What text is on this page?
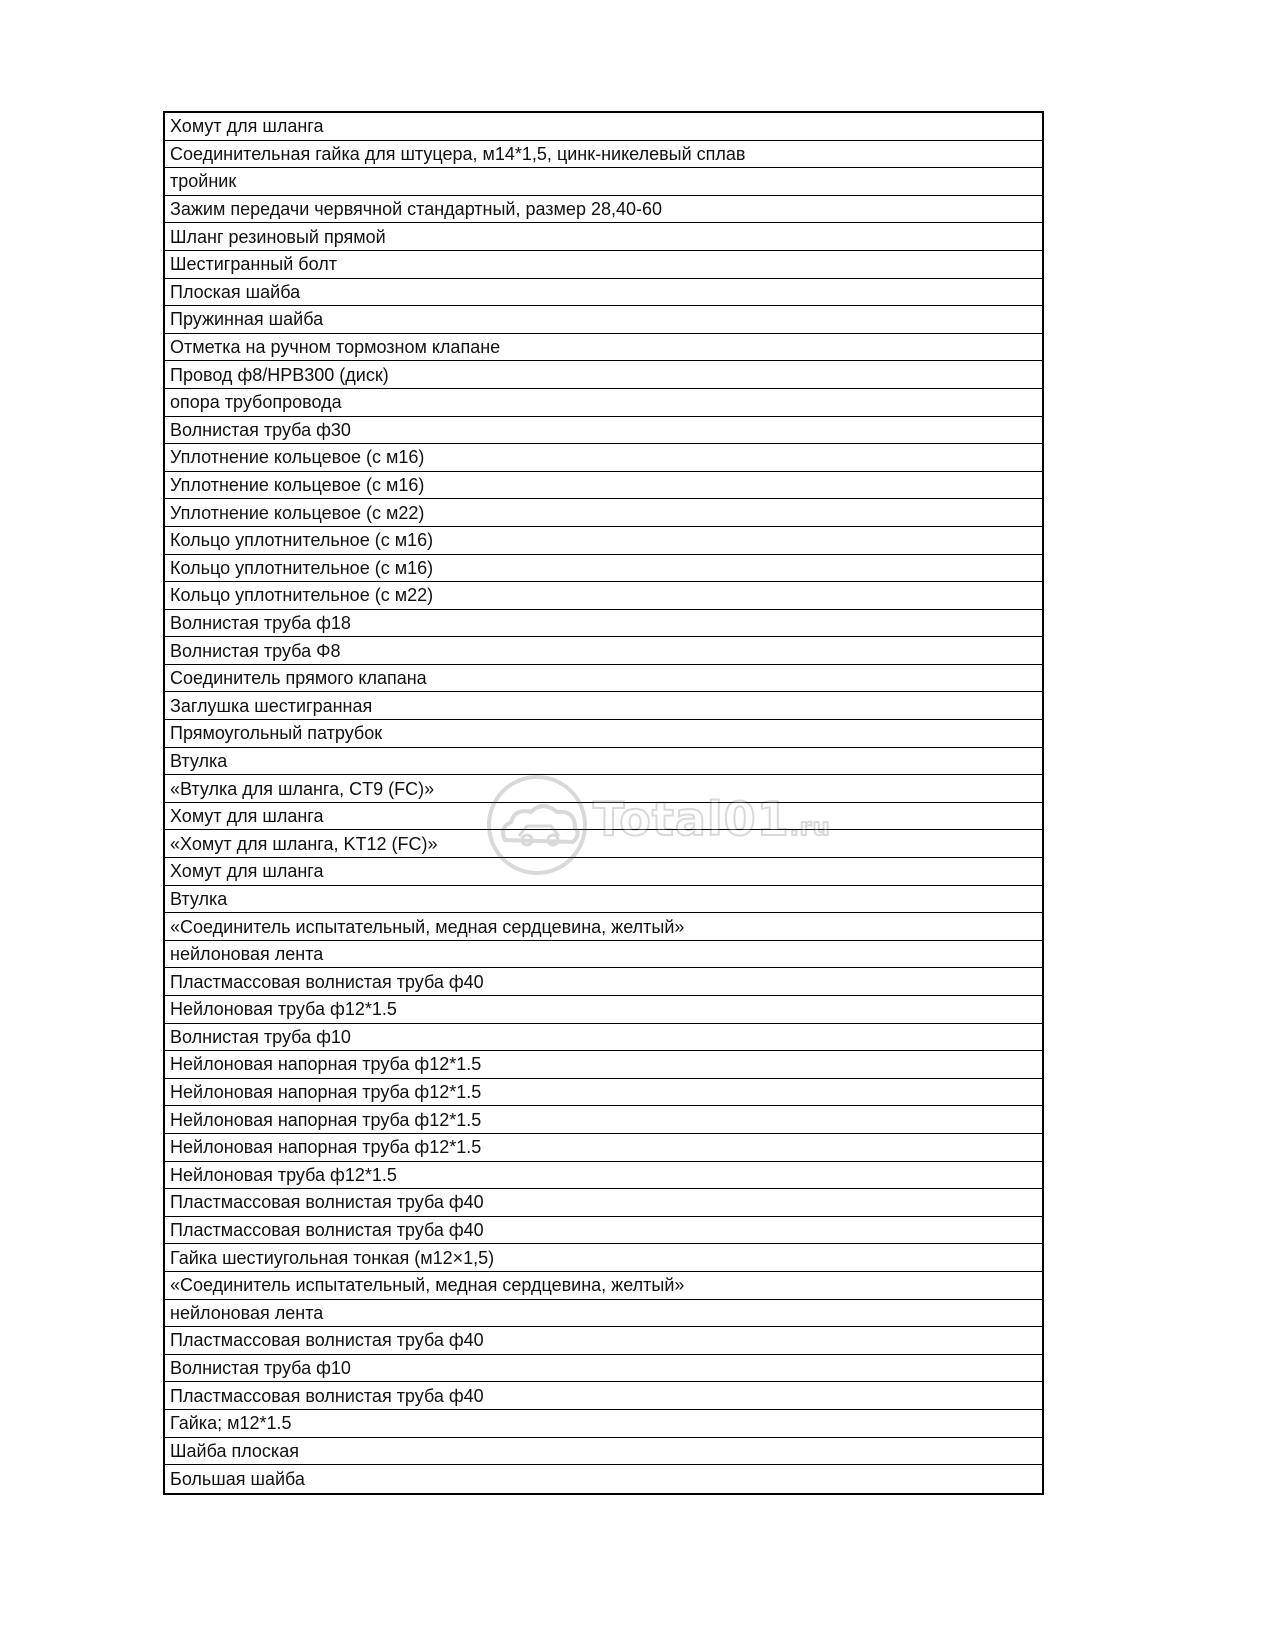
Хомут для шланга
Соединительная гайка для штуцера, м14*1,5, цинк-никелевый сплав
тройник
Зажим передачи червячной стандартный, размер 28,40-60
Шланг резиновый прямой
Шестигранный болт
Плоская шайба
Пружинная шайба
Отметка на ручном тормозном клапане
Провод ф8/HPB300 (диск)
опора трубопровода
Волнистая труба ф30
Уплотнение кольцевое (с м16)
Уплотнение кольцевое (с м16)
Уплотнение кольцевое (с м22)
Кольцо уплотнительное (с м16)
Кольцо уплотнительное (с м16)
Кольцо уплотнительное (с м22)
Волнистая труба ф18
Волнистая труба Φ8
Соединитель прямого клапана
Заглушка шестигранная
Прямоугольный патрубок
Втулка
«Втулка для шланга, CT9 (FC)»
Хомут для шланга
«Хомут для шланга, KT12 (FC)»
Хомут для шланга
Втулка
«Соединитель испытательный, медная сердцевина, желтый»
нейлоновая лента
Пластмассовая волнистая труба ф40
Нейлоновая труба ф12*1.5
Волнистая труба ф10
Нейлоновая напорная труба ф12*1.5
Нейлоновая напорная труба ф12*1.5
Нейлоновая напорная труба ф12*1.5
Нейлоновая напорная труба ф12*1.5
Нейлоновая труба ф12*1.5
Пластмассовая волнистая труба ф40
Пластмассовая волнистая труба ф40
Гайка шестиугольная тонкая (м12×1,5)
«Соединитель испытательный, медная сердцевина, желтый»
нейлоновая лента
Пластмассовая волнистая труба ф40
Волнистая труба ф10
Пластмассовая волнистая труба ф40
Гайка; м12*1.5
Шайба плоская
Большая шайба
Total01.ru
